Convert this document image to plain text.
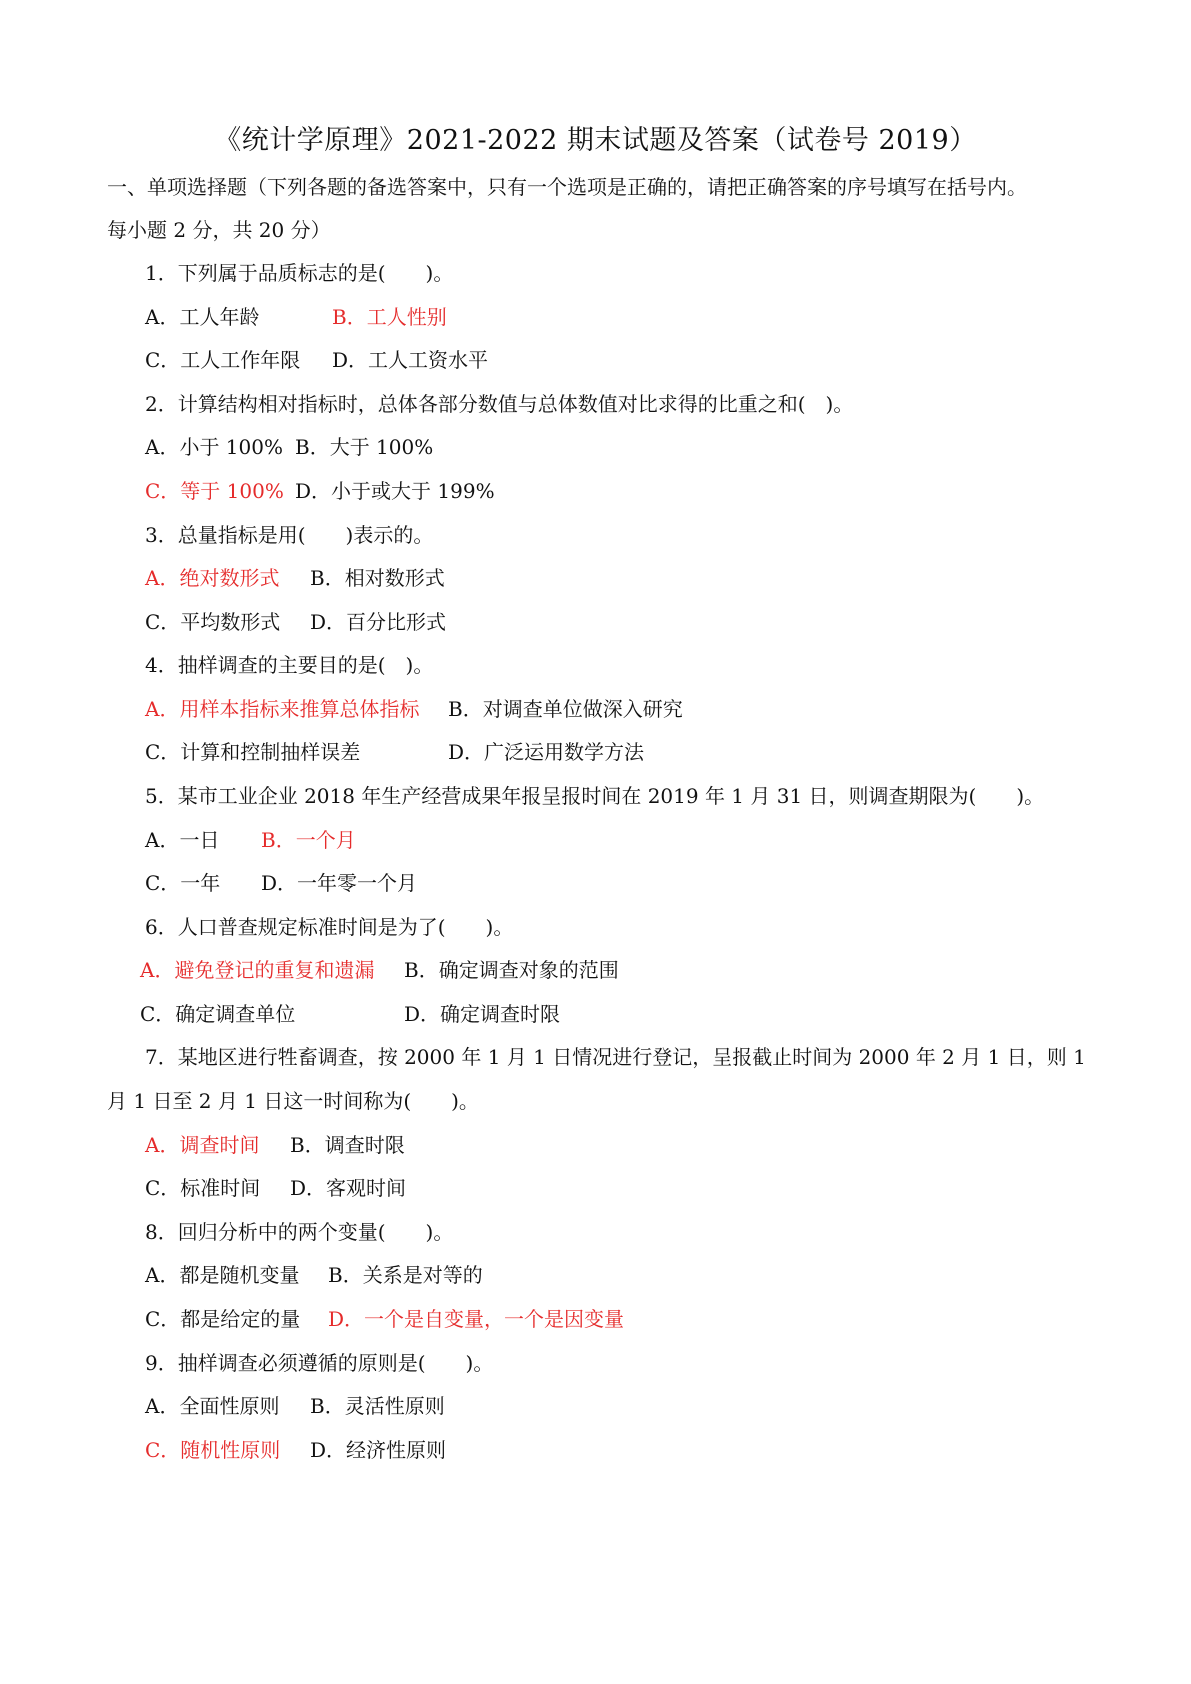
《统计学原理》2021-2022 期末试题及答案（试卷号 2019）
一、单项选择题（下列各题的备选答案中，只有一个选项是正确的，请把正确答案的序号填写在括号内。
每小题 2 分，共 20 分）
1．下列属于品质标志的是(　　)。
A．工人年龄	B．工人性别
C．工人工作年限 D．工人工资水平
2．计算结构相对指标时，总体各部分数值与总体数值对比求得的比重之和(　)。
A．小于 100% B．大于 100%
C．等于 100% D．小于或大于 199%
3．总量指标是用(　　)表示的。
A．绝对数形式 B．相对数形式
C．平均数形式 D．百分比形式
4．抽样调查的主要目的是(　)。
A．用样本指标来推算总体指标 B．对调查单位做深入研究
C．计算和控制抽样误差	D．广泛运用数学方法
5．某市工业企业 2018 年生产经营成果年报呈报时间在 2019 年 1 月 31 日，则调查期限为(　　)。
A．一日 B．一个月
C．一年 D．一年零一个月
6．人口普查规定标准时间是为了(　　)。
A．避免登记的重复和遗漏 B．确定调查对象的范围
C．确定调查单位	D．确定调查时限
7．某地区进行牲畜调查，按 2000 年 1 月 1 日情况进行登记，呈报截止时间为 2000 年 2 月 1 日，则 1
月 1 日至 2 月 1 日这一时间称为(　　)。
A．调查时间 B．调查时限
C．标准时间 D．客观时间
8．回归分析中的两个变量(　　)。
A．都是随机变量 B．关系是对等的
C．都是给定的量 D．一个是自变量，一个是因变量
9．抽样调查必须遵循的原则是(　　)。
A．全面性原则 B．灵活性原则
C．随机性原则 D．经济性原则
